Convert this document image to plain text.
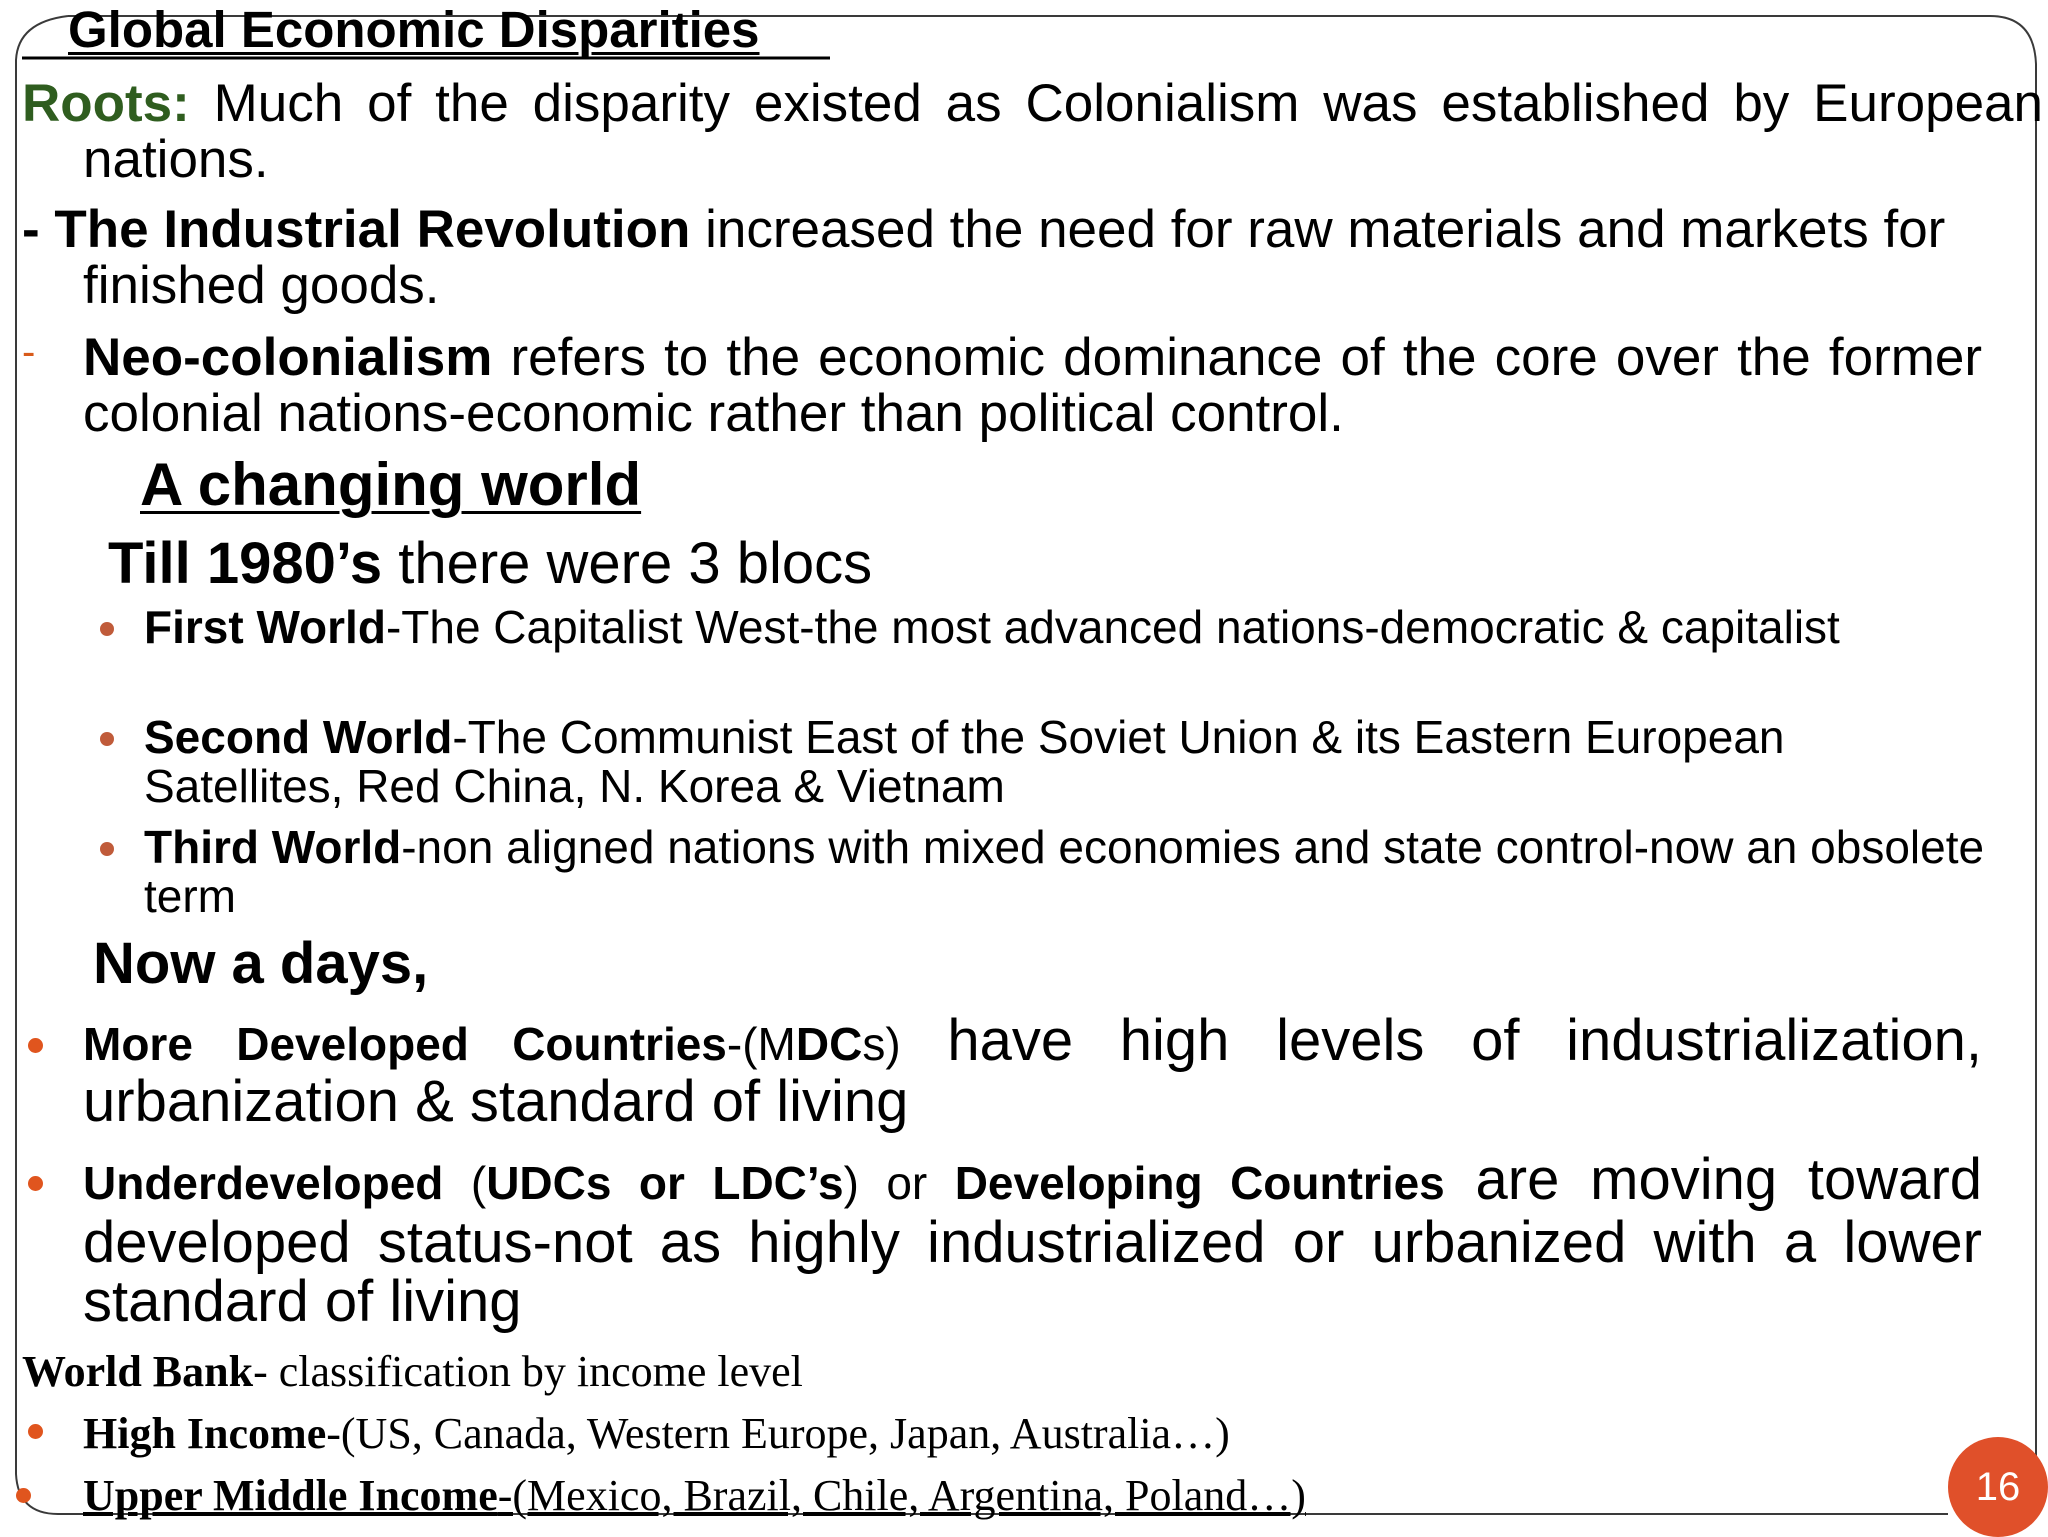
Global Economic Disparities

Roots: Much of the disparity existed as Colonialism was established by European nations.

- The Industrial Revolution increased the need for raw materials and markets for finished goods.

- Neo-colonialism refers to the economic dominance of the core over the former colonial nations-economic rather than political control.

A changing world
Till 1980’s there were 3 blocs

First World-The Capitalist West-the most advanced nations-democratic & capitalist

Second World-The Communist East of the Soviet Union & its Eastern European Satellites, Red China, N. Korea & Vietnam

Third World-non aligned nations with mixed economies and state control-now an obsolete term

Now a days,

More Developed Countries-(MDCs) have high levels of industrialization, urbanization & standard of living

Underdeveloped (UDCs or LDC’s) or Developing Countries are moving toward developed status-not as highly industrialized or urbanized with a lower standard of living

World Bank- classification by income level
High Income-(US, Canada, Western Europe, Japan, Australia…)
Upper Middle Income-(Mexico, Brazil, Chile, Argentina, Poland…)	16
